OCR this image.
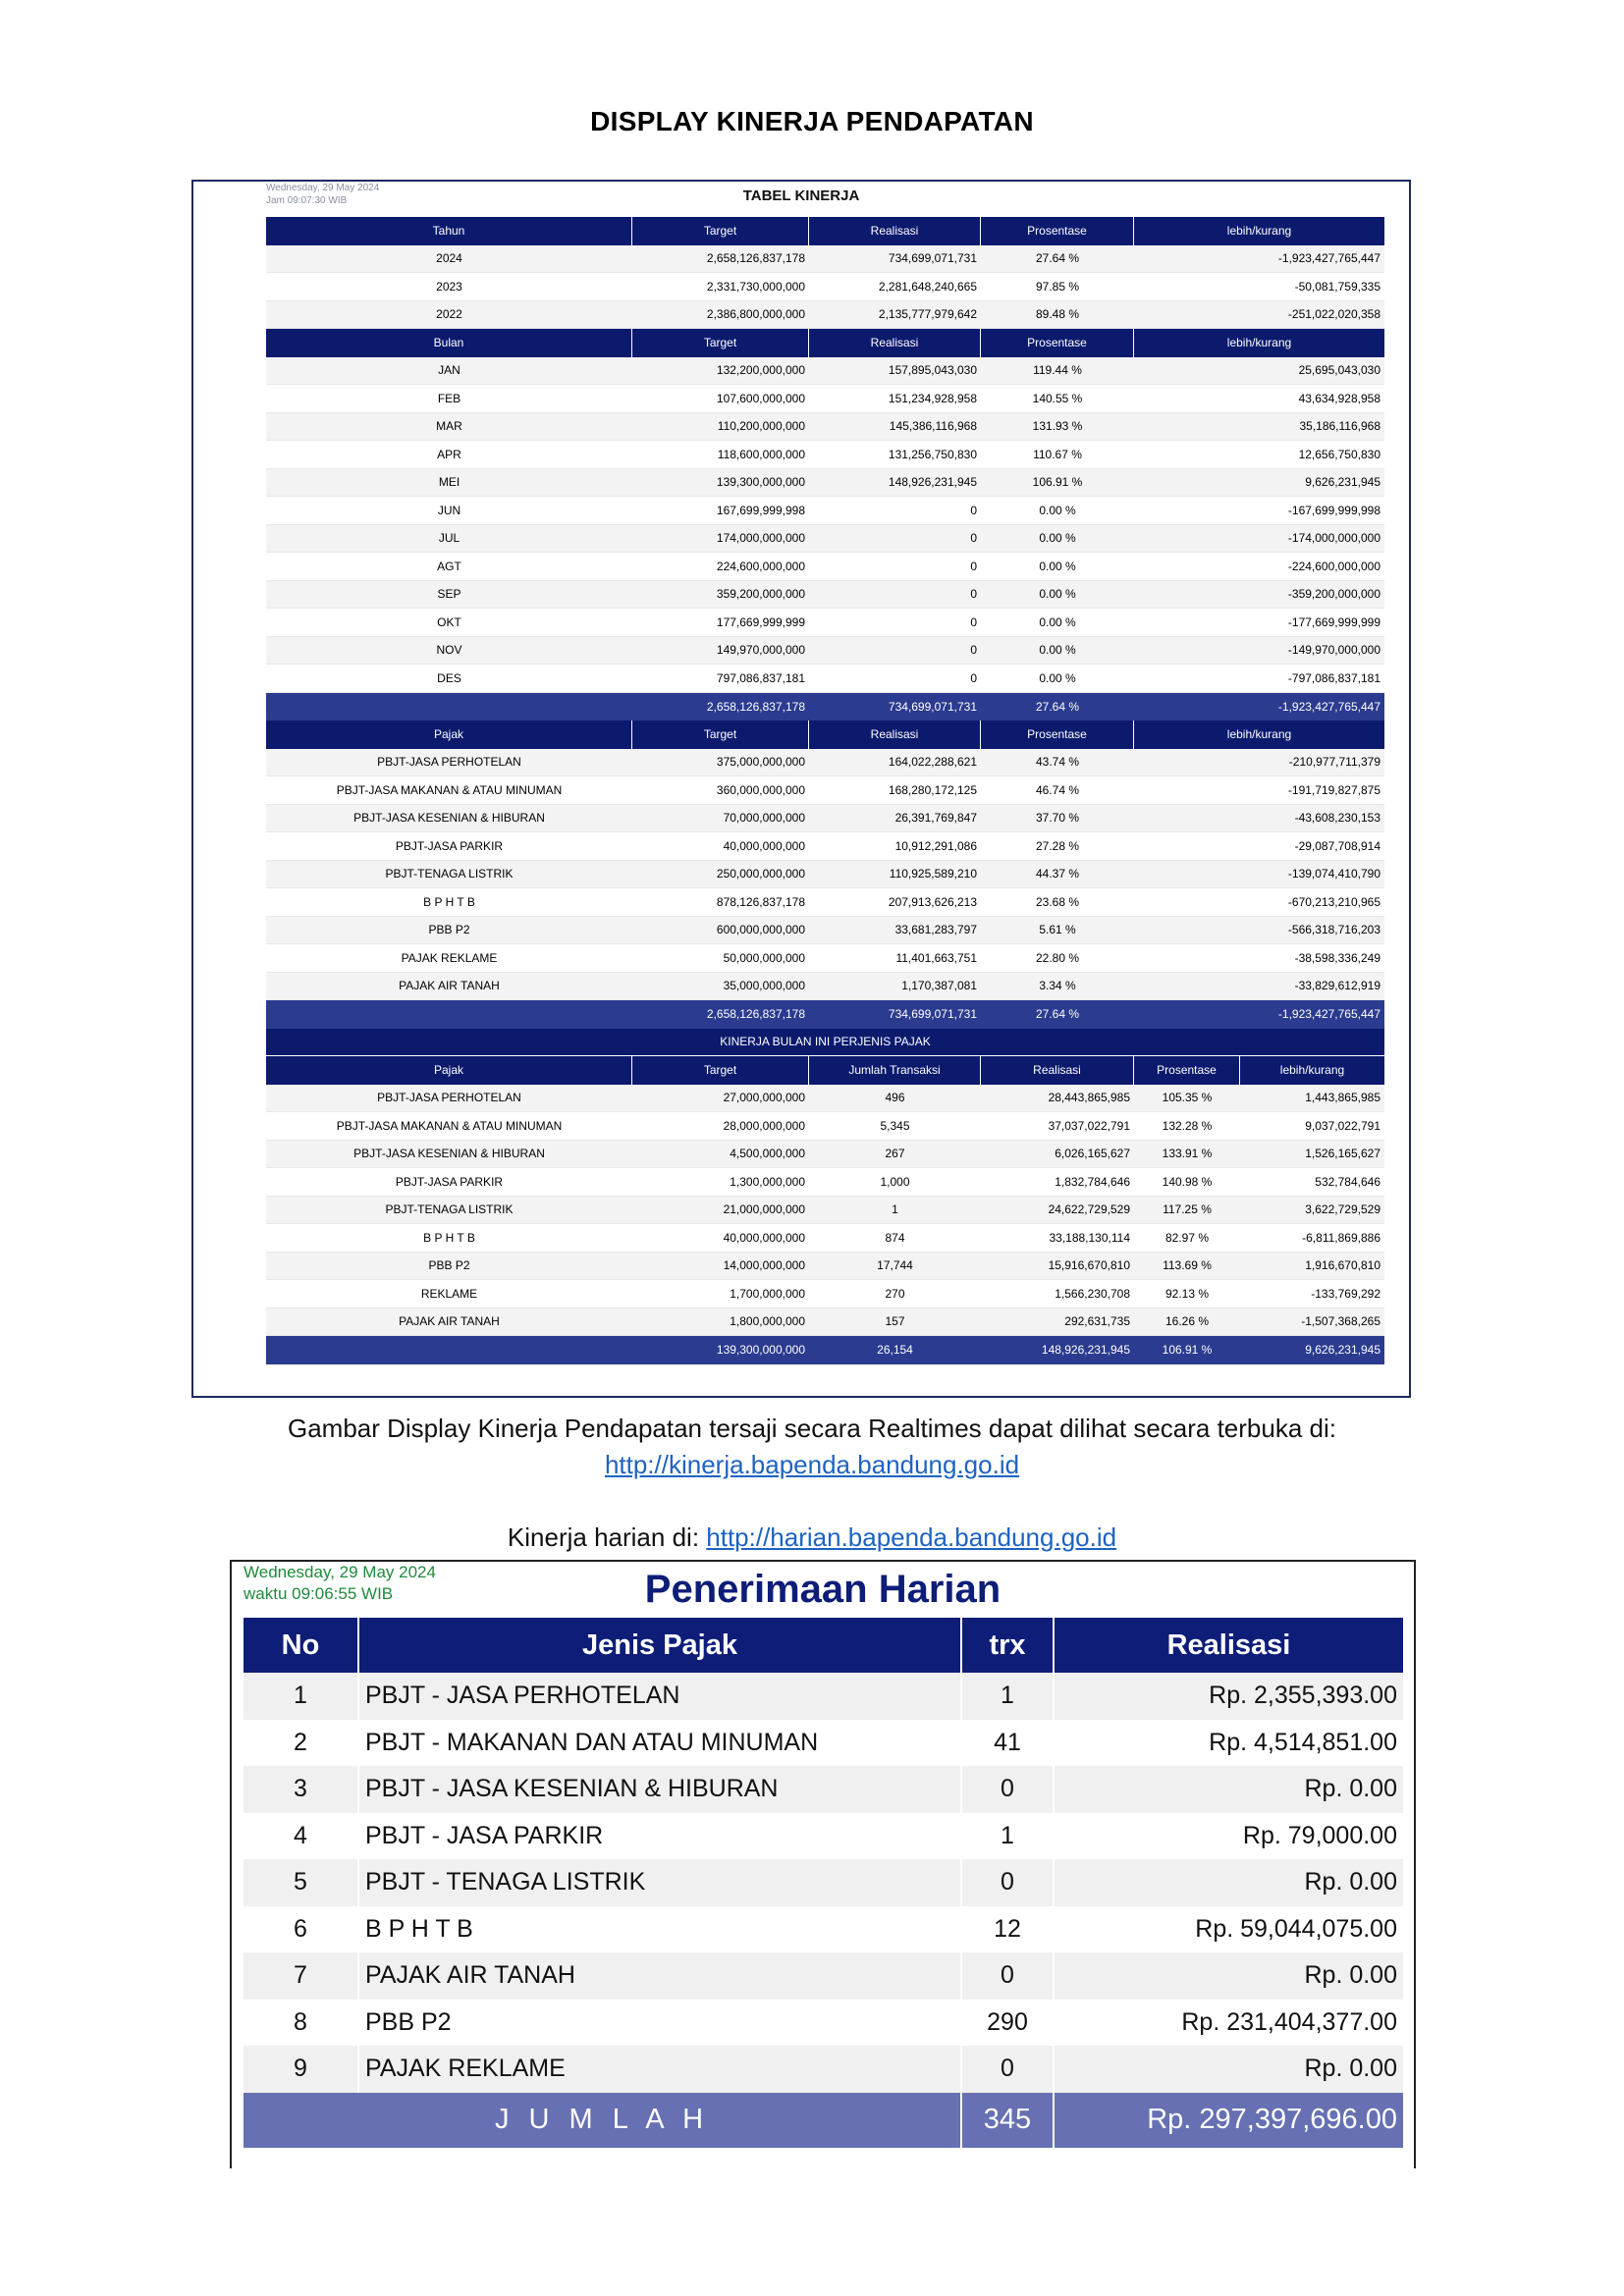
DISPLAY KINERJA PENDAPATAN
Wednesday, 29 May 2024
Jam 09:07:30 WIB	TABEL KINERJA
Tahun	Target	Realisasi	Prosentase	lebih/kurang
2024	2,658,126,837,178	734,699,071,731	27.64 %	-1,923,427,765,447
2023	2,331,730,000,000	2,281,648,240,665	97.85 %	-50,081,759,335
2022	2,386,800,000,000	2,135,777,979,642	89.48 %	-251,022,020,358
Bulan	Target	Realisasi	Prosentase	lebih/kurang
JAN	132,200,000,000	157,895,043,030	119.44 %	25,695,043,030
FEB	107,600,000,000	151,234,928,958	140.55 %	43,634,928,958
MAR	110,200,000,000	145,386,116,968	131.93 %	35,186,116,968
APR	118,600,000,000	131,256,750,830	110.67 %	12,656,750,830
MEI	139,300,000,000	148,926,231,945	106.91 %	9,626,231,945
JUN	167,699,999,998	0	0.00 %	-167,699,999,998
JUL	174,000,000,000	0	0.00 %	-174,000,000,000
AGT	224,600,000,000	0	0.00 %	-224,600,000,000
SEP	359,200,000,000	0	0.00 %	-359,200,000,000
OKT	177,669,999,999	0	0.00 %	-177,669,999,999
NOV	149,970,000,000	0	0.00 %	-149,970,000,000
DES	797,086,837,181	0	0.00 %	-797,086,837,181
2,658,126,837,178	734,699,071,731	27.64 %	-1,923,427,765,447
Pajak	Target	Realisasi	Prosentase	lebih/kurang
PBJT-JASA PERHOTELAN	375,000,000,000	164,022,288,621	43.74 %	-210,977,711,379
PBJT-JASA MAKANAN & ATAU MINUMAN	360,000,000,000	168,280,172,125	46.74 %	-191,719,827,875
PBJT-JASA KESENIAN & HIBURAN	70,000,000,000	26,391,769,847	37.70 %	-43,608,230,153
PBJT-JASA PARKIR	40,000,000,000	10,912,291,086	27.28 %	-29,087,708,914
PBJT-TENAGA LISTRIK	250,000,000,000	110,925,589,210	44.37 %	-139,074,410,790
B P H T B	878,126,837,178	207,913,626,213	23.68 %	-670,213,210,965
PBB P2	600,000,000,000	33,681,283,797	5.61 %	-566,318,716,203
PAJAK REKLAME	50,000,000,000	11,401,663,751	22.80 %	-38,598,336,249
PAJAK AIR TANAH	35,000,000,000	1,170,387,081	3.34 %	-33,829,612,919
2,658,126,837,178	734,699,071,731	27.64 %	-1,923,427,765,447
KINERJA BULAN INI PERJENIS PAJAK
Pajak	Target	Jumlah Transaksi	Realisasi	Prosentase	lebih/kurang
PBJT-JASA PERHOTELAN	27,000,000,000	496	28,443,865,985	105.35 %	1,443,865,985
PBJT-JASA MAKANAN & ATAU MINUMAN	28,000,000,000	5,345	37,037,022,791	132.28 %	9,037,022,791
PBJT-JASA KESENIAN & HIBURAN	4,500,000,000	267	6,026,165,627	133.91 %	1,526,165,627
PBJT-JASA PARKIR	1,300,000,000	1,000	1,832,784,646	140.98 %	532,784,646
PBJT-TENAGA LISTRIK	21,000,000,000	1	24,622,729,529	117.25 %	3,622,729,529
B P H T B	40,000,000,000	874	33,188,130,114	82.97 %	-6,811,869,886
PBB P2	14,000,000,000	17,744	15,916,670,810	113.69 %	1,916,670,810
REKLAME	1,700,000,000	270	1,566,230,708	92.13 %	-133,769,292
PAJAK AIR TANAH	1,800,000,000	157	292,631,735	16.26 %	-1,507,368,265
139,300,000,000	26,154	148,926,231,945	106.91 %	9,626,231,945
Gambar Display Kinerja Pendapatan tersaji secara Realtimes dapat dilihat secara terbuka di:
http://kinerja.bapenda.bandung.go.id
Kinerja harian di: http://harian.bapenda.bandung.go.id
Wednesday, 29 May 2024
waktu 09:06:55 WIB	Penerimaan Harian
No	Jenis Pajak	trx	Realisasi
1	PBJT - JASA PERHOTELAN	1	Rp. 2,355,393.00
2	PBJT - MAKANAN DAN ATAU MINUMAN	41	Rp. 4,514,851.00
3	PBJT - JASA KESENIAN & HIBURAN	0	Rp. 0.00
4	PBJT - JASA PARKIR	1	Rp. 79,000.00
5	PBJT - TENAGA LISTRIK	0	Rp. 0.00
6	B P H T B	12	Rp. 59,044,075.00
7	PAJAK AIR TANAH	0	Rp. 0.00
8	PBB P2	290	Rp. 231,404,377.00
9	PAJAK REKLAME	0	Rp. 0.00
J U M L A H	345	Rp. 297,397,696.00
